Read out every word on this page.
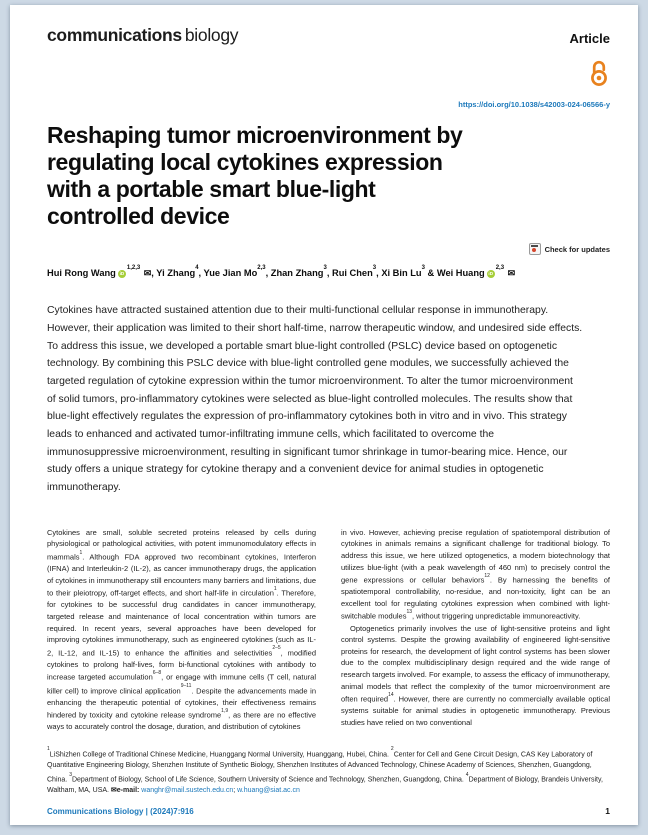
communications biology	Article
https://doi.org/10.1038/s42003-024-06566-y
Reshaping tumor microenvironment by
regulating local cytokines expression
with a portable smart blue-light
controlled device
Check for updates
Hui Rong Wang iD$^{1,2,3}$ ✉, Yi Zhang$^4$, Yue Jian Mo$^{2,3}$, Zhan Zhang$^3$, Rui Chen$^3$, Xi Bin Lu$^3$ & Wei Huang iD$^{2,3}$ ✉

Cytokines have attracted sustained attention due to their multi-functional cellular response in immunotherapy. However, their application was limited to their short half-time, narrow therapeutic window, and undesired side effects. To address this issue, we developed a portable smart blue-light controlled (PSLC) device based on optogenetic technology. By combining this PSLC device with blue-light controlled gene modules, we successfully achieved the targeted regulation of cytokine expression within the tumor microenvironment. To alter the tumor microenvironment of solid tumors, pro-inflammatory cytokines were selected as blue-light controlled molecules. The results show that blue-light effectively regulates the expression of pro-inflammatory cytokines both in vitro and in vivo. This strategy leads to enhanced and activated tumor-infiltrating immune cells, which facilitated to overcome the immunosuppressive microenvironment, resulting in significant tumor shrinkage in tumor-bearing mice. Hence, our study offers a unique strategy for cytokine therapy and a convenient device for animal studies in optogenetic immunotherapy.

Cytokines are small, soluble secreted proteins released by cells during physiological or pathological activities, with potent immunomodulatory effects in mammals$^1$. Although FDA approved two recombinant cytokines, Interferon (IFNA) and Interleukin-2 (IL-2), as cancer immunotherapy drugs, the application of cytokines in immunotherapy still encounters many barriers and limitations, due to their pleiotropy, off-target effects, and short half-life in circulation$^1$. Therefore, for cytokines to be successful drug candidates in cancer immunotherapy, targeted release and maintenance of local concentration within tumors are required. In recent years, several approaches have been developed for improving cytokines immunotherapy, such as engineered cytokines (such as IL-2, IL-12, and IL-15) to enhance the affinities and selectivities$^{2-5}$, modified cytokines to prolong half-lives, form bi-functional cytokines with antibody to increase targeted accumulation$^{6-8}$, or engage with immune cells (T cell, natural killer cell) to improve clinical application$^{9-11}$. Despite the advancements made in enhancing the therapeutic potential of cytokines, their effectiveness remains hindered by toxicity and cytokine release syndrome$^{1,9}$, as there are no effective ways to accurately control the dosage, duration, and distribution of cytokines

in vivo. However, achieving precise regulation of spatiotemporal distribution of cytokines in animals remains a significant challenge for traditional biology. To address this issue, we here utilized optogenetics, a modern biotechnology that utilizes blue-light (with a peak wavelength of 460 nm) to precisely control the gene expressions or cellular behaviors$^{12}$. By harnessing the benefits of spatiotemporal controllability, no-residue, and non-toxicity, light can be an excellent tool for regulating cytokines expression when combined with light-switchable modules$^{13}$, without triggering unpredictable immunoreactivity.

Optogenetics primarily involves the use of light-sensitive proteins and light control systems. Despite the growing availability of engineered light-sensitive proteins for research, the development of light control systems has been slower due to the complex multidisciplinary design required and the wide range of research targets involved. For example, to assess the efficacy of immunotherapy, animal models that reflect the complexity of the tumor microenvironment are often required$^{14}$. However, there are currently no commercially available optical systems suitable for animal studies in optogenetic immunotherapy. Previous studies have relied on two conventional

$^1$LiShizhen College of Traditional Chinese Medicine, Huanggang Normal University, Huanggang, Hubei, China. $^2$Center for Cell and Gene Circuit Design, CAS Key Laboratory of Quantitative Engineering Biology, Shenzhen Institute of Synthetic Biology, Shenzhen Institutes of Advanced Technology, Chinese Academy of Sciences, Shenzhen, Guangdong, China. $^3$Department of Biology, School of Life Science, Southern University of Science and Technology, Shenzhen, Guangdong, China. $^4$Department of Biology, Brandeis University, Waltham, MA, USA. ✉e-mail: wanghr@mail.sustech.edu.cn; w.huang@siat.ac.cn
Communications Biology | (2024)7:916	1
